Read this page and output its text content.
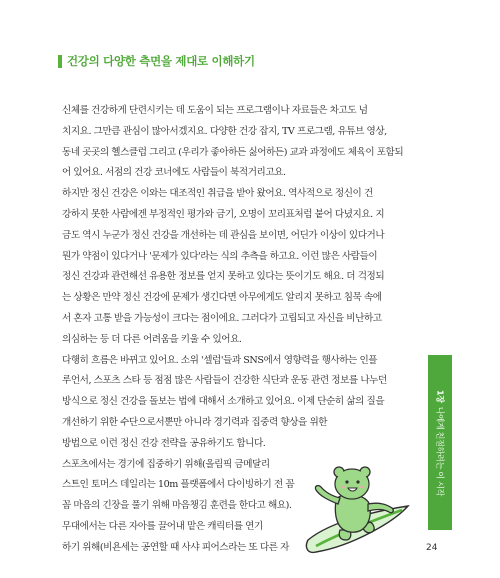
건강의 다양한 측면을 제대로 이해하기

신체를 건강하게 단련시키는 데 도움이 되는 프로그램이나 자료들은 차고도 넘
치지요. 그만큼 관심이 많아서겠지요. 다양한 건강 잡지, TV 프로그램, 유튜브 영상,
동네 곳곳의 헬스클럽 그리고 (우리가 좋아하든 싫어하든) 교과 과정에도 체육이 포함되
어 있어요. 서점의 건강 코너에도 사람들이 북적거리고요.

하지만 정신 건강은 이와는 대조적인 취급을 받아 왔어요. 역사적으로 정신이 건
강하지 못한 사람에겐 부정적인 평가와 금기, 오명이 꼬리표처럼 붙어 다녔지요. 지
금도 역시 누군가 정신 건강을 개선하는 데 관심을 보이면, 어딘가 이상이 있다거나
뭔가 약점이 있다거나 '문제가 있다'라는 식의 추측을 하고요. 이런 많은 사람들이
정신 건강과 관련해선 유용한 정보를 얻지 못하고 있다는 뜻이기도 해요. 더 걱정되
는 상황은 만약 정신 건강에 문제가 생긴다면 아무에게도 알리지 못하고 침묵 속에
서 혼자 고통 받을 가능성이 크다는 점이에요. 그러다가 고립되고 자신을 비난하고
의심하는 등 더 다른 어려움을 키울 수 있어요.

다행히 흐름은 바뀌고 있어요. 소위 '셀럽'들과 SNS에서 영향력을 행사하는 인플
루언서, 스포츠 스타 등 점점 많은 사람들이 건강한 식단과 운동 관련 정보를 나누던
방식으로 정신 건강을 돌보는 법에 대해서 소개하고 있어요. 이제 단순히 삶의 질을
개선하기 위한 수단으로서뿐만 아니라 경기력과 집중력 향상을 위한
방법으로 이런 정신 건강 전략을 공유하기도 합니다.

스포츠에서는 경기에 집중하기 위해(올림픽 금메달리
스트인 토머스 데일리는 10m 플랫폼에서 다이빙하기 전 꼼
꼼 마음의 긴장을 풀기 위해 마음챙김 훈련을 한다고 해요).
무대에서는 다른 자아를 끌어내 맡은 캐릭터를 연기
하기 위해(비욘세는 공연할 때 사샤 피어스라는 또 다른 자

1장나에게 친절하려는 이 시작
24
